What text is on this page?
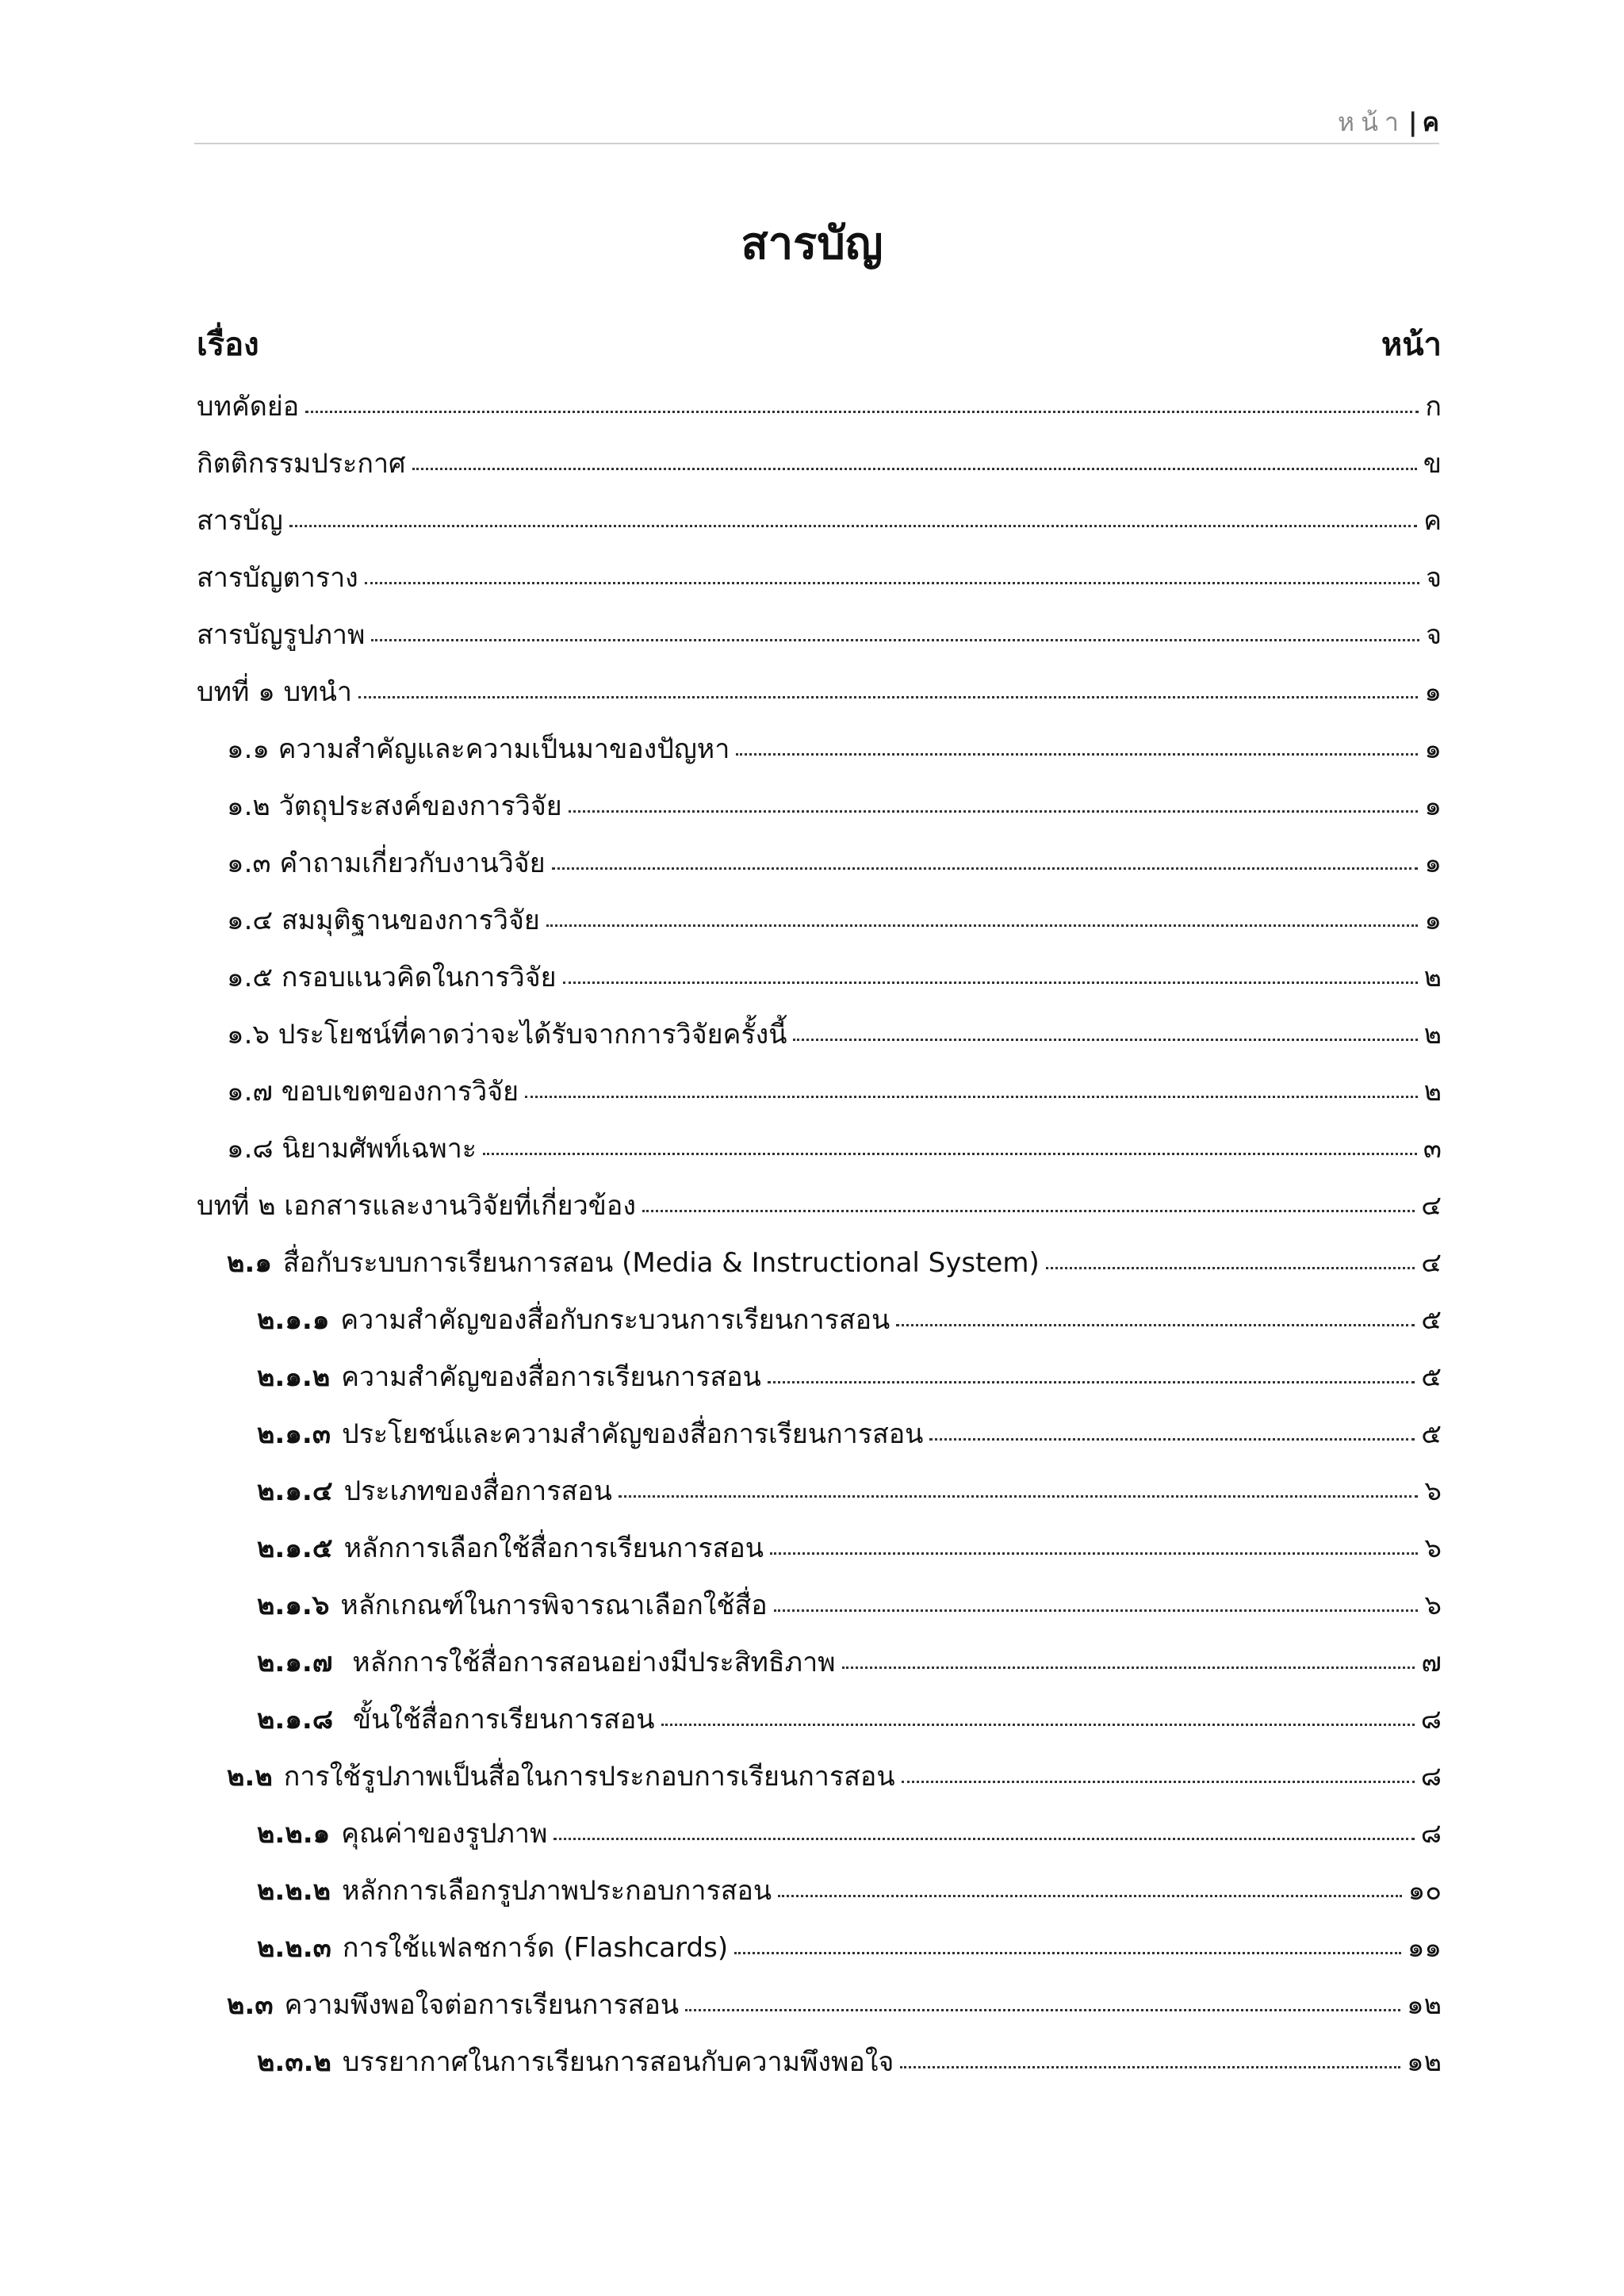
หน้า | ค
สารบัญ
เรื่อง	หน้า
บทคัดย่อ	ก
กิตติกรรมประกาศ	ข
สารบัญ	ค
สารบัญตาราง	จ
สารบัญรูปภาพ	จ
บทที่ ๑ บทนำ	๑
๑.๑ ความสำคัญและความเป็นมาของปัญหา	๑
๑.๒ วัตถุประสงค์ของการวิจัย	๑
๑.๓ คำถามเกี่ยวกับงานวิจัย	๑
๑.๔ สมมุติฐานของการวิจัย	๑
๑.๕ กรอบแนวคิดในการวิจัย	๒
๑.๖ ประโยชน์ที่คาดว่าจะได้รับจากการวิจัยครั้งนี้	๒
๑.๗ ขอบเขตของการวิจัย	๒
๑.๘ นิยามศัพท์เฉพาะ	๓
บทที่ ๒ เอกสารและงานวิจัยที่เกี่ยวข้อง	๔
๒.๑ สื่อกับระบบการเรียนการสอน (Media & Instructional System)	๔
๒.๑.๑ ความสำคัญของสื่อกับกระบวนการเรียนการสอน	๕
๒.๑.๒ ความสำคัญของสื่อการเรียนการสอน	๕
๒.๑.๓ ประโยชน์และความสำคัญของสื่อการเรียนการสอน	๕
๒.๑.๔ ประเภทของสื่อการสอน	๖
๒.๑.๕ หลักการเลือกใช้สื่อการเรียนการสอน	๖
๒.๑.๖ หลักเกณฑ์ในการพิจารณาเลือกใช้สื่อ	๖
๒.๑.๗ หลักการใช้สื่อการสอนอย่างมีประสิทธิภาพ	๗
๒.๑.๘ ขั้นใช้สื่อการเรียนการสอน	๘
๒.๒ การใช้รูปภาพเป็นสื่อในการประกอบการเรียนการสอน	๘
๒.๒.๑ คุณค่าของรูปภาพ	๘
๒.๒.๒ หลักการเลือกรูปภาพประกอบการสอน	๑๐
๒.๒.๓ การใช้แฟลชการ์ด (Flashcards)	๑๑
๒.๓ ความพึงพอใจต่อการเรียนการสอน	๑๒
๒.๓.๒ บรรยากาศในการเรียนการสอนกับความพึงพอใจ	๑๒
